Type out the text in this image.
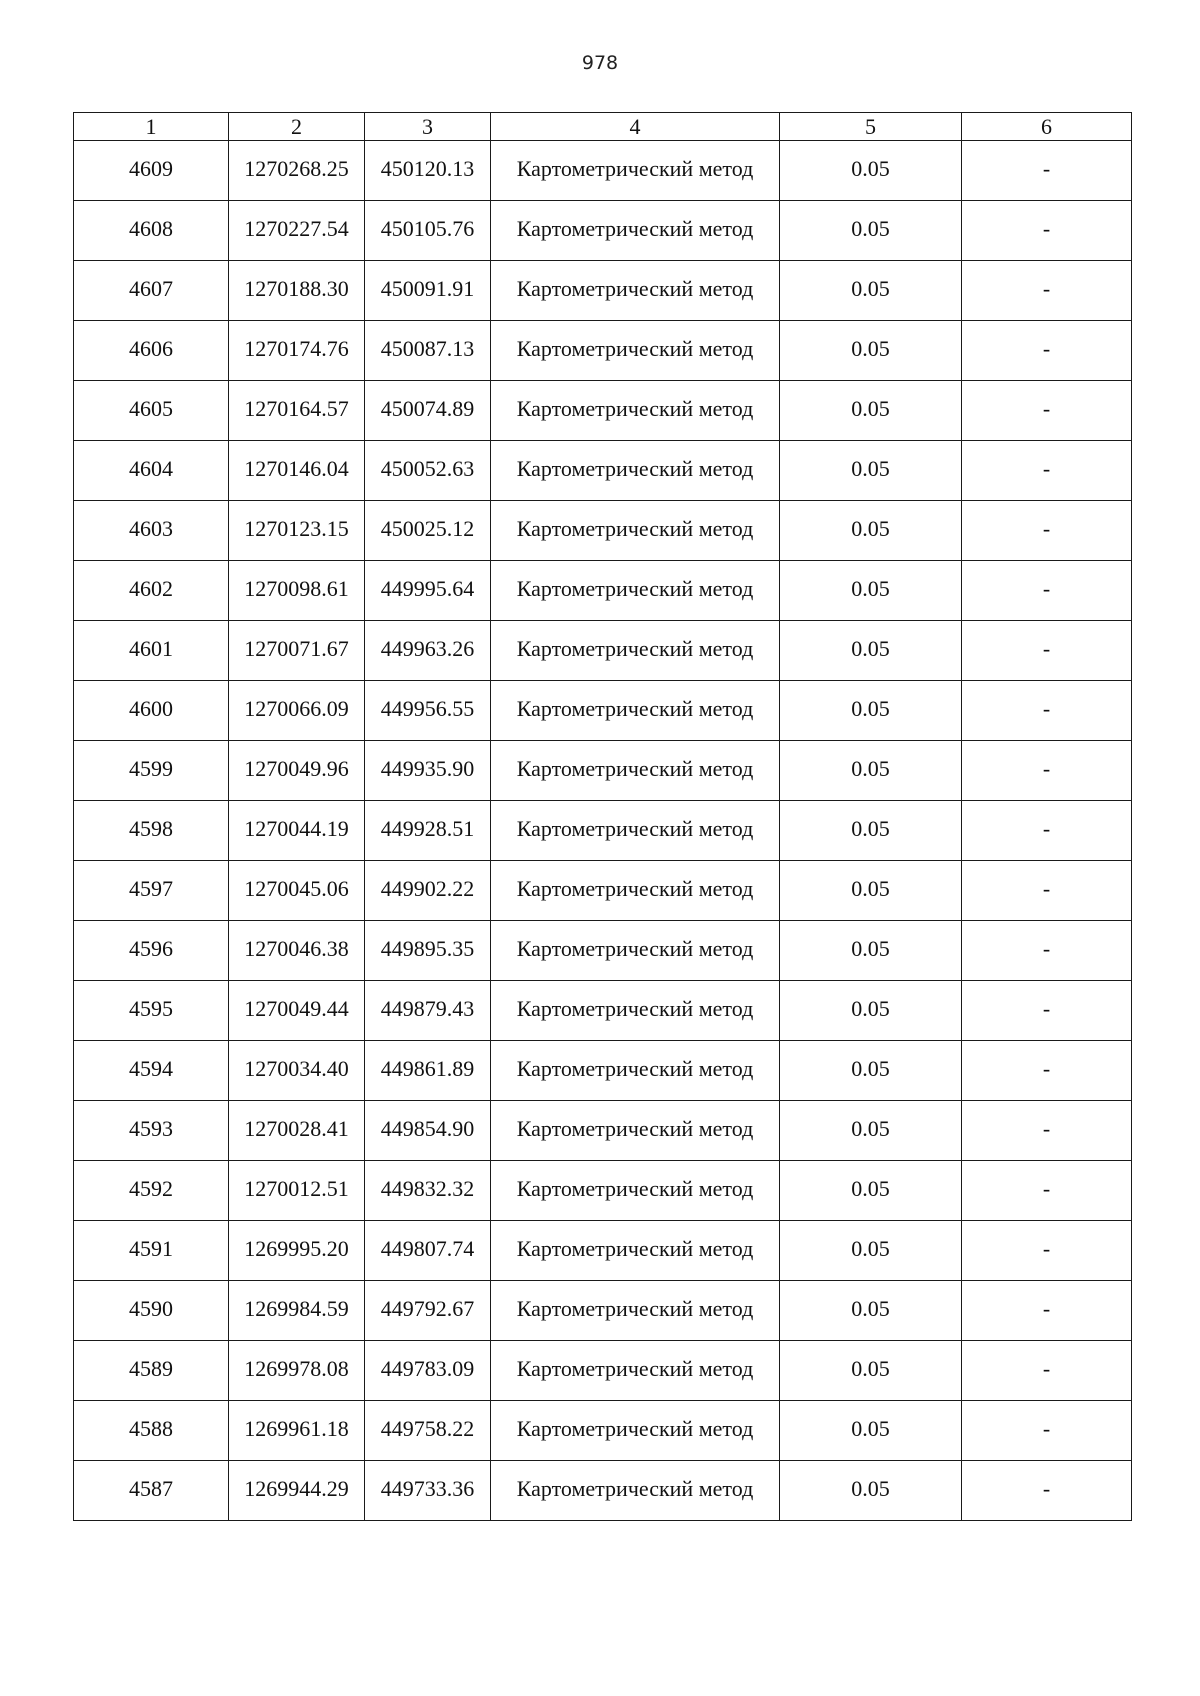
978
1	2	3	4	5	6
4609	1270268.25	450120.13	Картометрический метод	0.05	-
4608	1270227.54	450105.76	Картометрический метод	0.05	-
4607	1270188.30	450091.91	Картометрический метод	0.05	-
4606	1270174.76	450087.13	Картометрический метод	0.05	-
4605	1270164.57	450074.89	Картометрический метод	0.05	-
4604	1270146.04	450052.63	Картометрический метод	0.05	-
4603	1270123.15	450025.12	Картометрический метод	0.05	-
4602	1270098.61	449995.64	Картометрический метод	0.05	-
4601	1270071.67	449963.26	Картометрический метод	0.05	-
4600	1270066.09	449956.55	Картометрический метод	0.05	-
4599	1270049.96	449935.90	Картометрический метод	0.05	-
4598	1270044.19	449928.51	Картометрический метод	0.05	-
4597	1270045.06	449902.22	Картометрический метод	0.05	-
4596	1270046.38	449895.35	Картометрический метод	0.05	-
4595	1270049.44	449879.43	Картометрический метод	0.05	-
4594	1270034.40	449861.89	Картометрический метод	0.05	-
4593	1270028.41	449854.90	Картометрический метод	0.05	-
4592	1270012.51	449832.32	Картометрический метод	0.05	-
4591	1269995.20	449807.74	Картометрический метод	0.05	-
4590	1269984.59	449792.67	Картометрический метод	0.05	-
4589	1269978.08	449783.09	Картометрический метод	0.05	-
4588	1269961.18	449758.22	Картометрический метод	0.05	-
4587	1269944.29	449733.36	Картометрический метод	0.05	-
